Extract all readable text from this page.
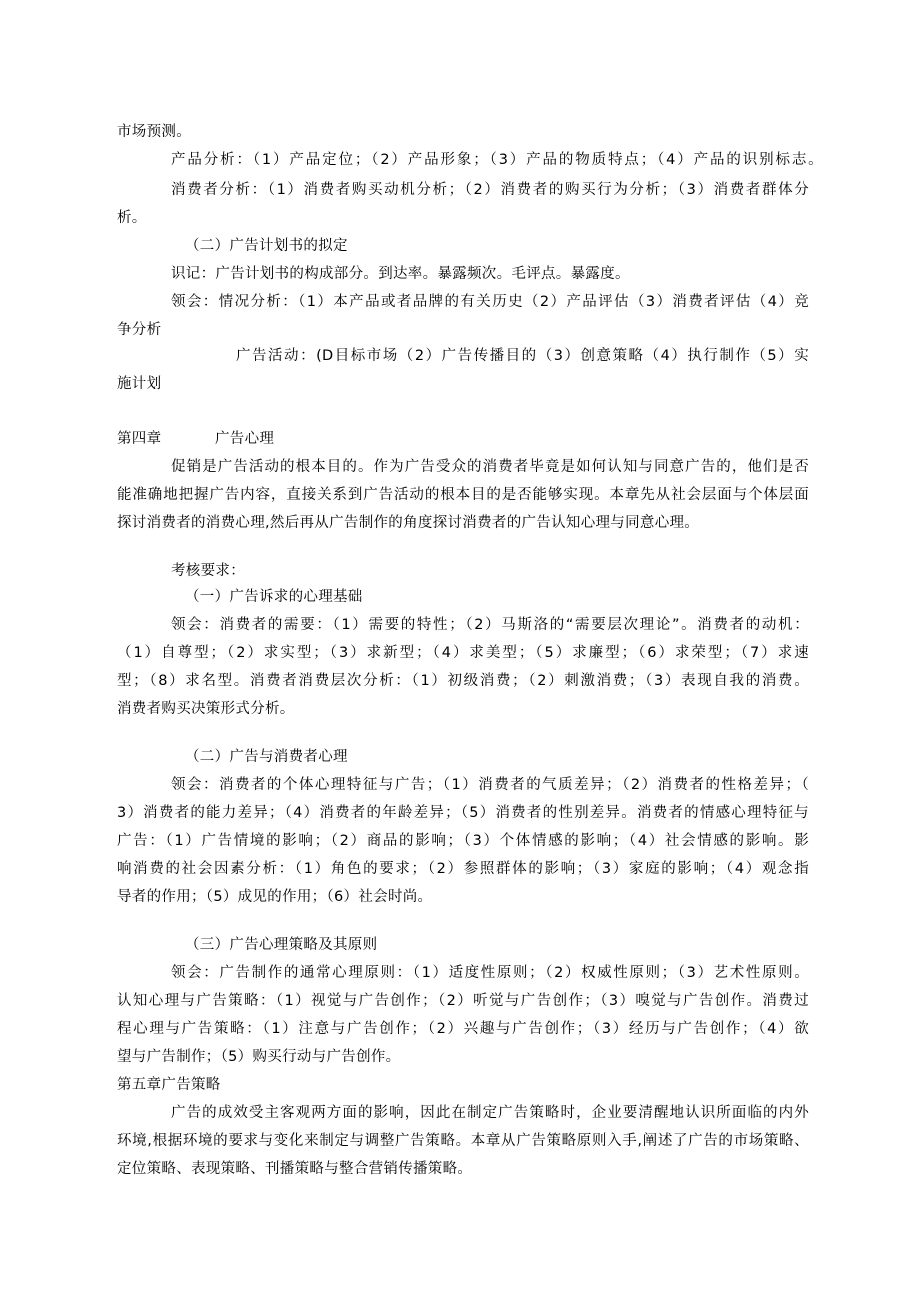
市场预测。

产品分析：（1）产品定位；（2）产品形象；（3）产品的物质特点；（4）产品的识别标志。

消费者分析：（1）消费者购买动机分析；（2）消费者的购买行为分析；（3）消费者群体分

析。

（二）广告计划书的拟定

识记：广告计划书的构成部分。到达率。暴露频次。毛评点。暴露度。

领会：情况分析：（1）本产品或者品牌的有关历史（2）产品评估（3）消费者评估（4）竞

争分析

广告活动：(D目标市场（2）广告传播目的（3）创意策略（4）执行制作（5）实

施计划

第四章	广告心理

促销是广告活动的根本目的。作为广告受众的消费者毕竟是如何认知与同意广告的，他们是否

能准确地把握广告内容，直接关系到广告活动的根本目的是否能够实现。本章先从社会层面与个体层面

探讨消费者的消费心理,然后再从广告制作的角度探讨消费者的广告认知心理与同意心理。

考核要求：

（一）广告诉求的心理基础

领会：消费者的需要：（1）需要的特性；（2）马斯洛的“需要层次理论”。消费者的动机：

（1）自尊型；（2）求实型；（3）求新型；（4）求美型；（5）求廉型；（6）求荣型；（7）求速

型；（8）求名型。消费者消费层次分析：（1）初级消费；（2）刺激消费；（3）表现自我的消费。

消费者购买决策形式分析。

（二）广告与消费者心理

领会：消费者的个体心理特征与广告；（1）消费者的气质差异；（2）消费者的性格差异；（

3）消费者的能力差异；（4）消费者的年龄差异；（5）消费者的性别差异。消费者的情感心理特征与

广告：（1）广告情境的影响；（2）商品的影响；（3）个体情感的影响；（4）社会情感的影响。影

响消费的社会因素分析：（1）角色的要求；（2）参照群体的影响；（3）家庭的影响；（4）观念指

导者的作用；（5）成见的作用；（6）社会时尚。

（三）广告心理策略及其原则

领会：广告制作的通常心理原则：（1）适度性原则；（2）权威性原则；（3）艺术性原则。

认知心理与广告策略：（1）视觉与广告创作；（2）听觉与广告创作；（3）嗅觉与广告创作。消费过

程心理与广告策略：（1）注意与广告创作；（2）兴趣与广告创作；（3）经历与广告创作；（4）欲

望与广告制作；（5）购买行动与广告创作。

第五章广告策略

广告的成效受主客观两方面的影响，因此在制定广告策略时，企业要清醒地认识所面临的内外

环境,根据环境的要求与变化来制定与调整广告策略。本章从广告策略原则入手,阐述了广告的市场策略、

定位策略、表现策略、刊播策略与整合营销传播策略。
